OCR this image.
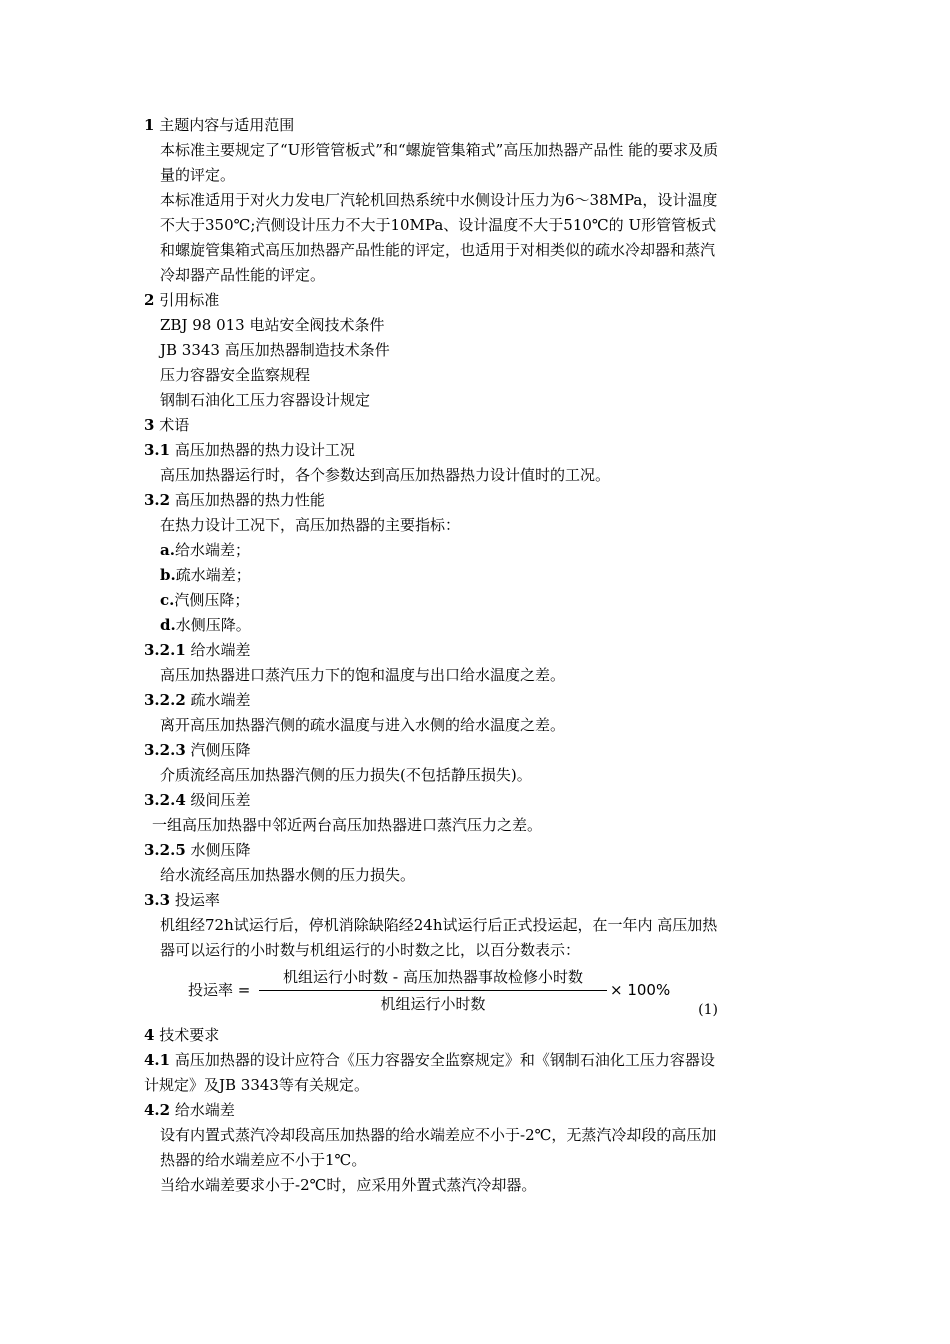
1 主题内容与适用范围
本标准主要规定了“U形管管板式”和“螺旋管集箱式”高压加热器产品性 能的要求及质量的评定。
本标准适用于对火力发电厂汽轮机回热系统中水侧设计压力为6～38MPa，设计温度不大于350℃;汽侧设计压力不大于10MPa、设计温度不大于510℃的 U形管管板式和螺旋管集箱式高压加热器产品性能的评定，也适用于对相类似的疏水冷却器和蒸汽冷却器产品性能的评定。
2 引用标准
ZBJ 98 013 电站安全阀技术条件
JB 3343 高压加热器制造技术条件
压力容器安全监察规程
钢制石油化工压力容器设计规定
3 术语
3.1 高压加热器的热力设计工况
高压加热器运行时，各个参数达到高压加热器热力设计值时的工况。
3.2 高压加热器的热力性能
在热力设计工况下，高压加热器的主要指标：
a.给水端差；
b.疏水端差；
c.汽侧压降；
d.水侧压降。
3.2.1 给水端差
高压加热器进口蒸汽压力下的饱和温度与出口给水温度之差。
3.2.2 疏水端差
离开高压加热器汽侧的疏水温度与进入水侧的给水温度之差。
3.2.3 汽侧压降
介质流经高压加热器汽侧的压力损失(不包括静压损失)。
3.2.4 级间压差
一组高压加热器中邻近两台高压加热器进口蒸汽压力之差。
3.2.5 水侧压降
给水流经高压加热器水侧的压力损失。
3.3 投运率
机组经72h试运行后，停机消除缺陷经24h试运行后正式投运起，在一年内 高压加热器可以运行的小时数与机组运行的小时数之比，以百分数表示：
投运率 =
机组运行小时数 - 高压加热器事故检修小时数
机组运行小时数
× 100%
(1)
4 技术要求
4.1 高压加热器的设计应符合《压力容器安全监察规定》和《钢制石油化工压力容器设计规定》及JB 3343等有关规定。
4.2 给水端差
设有内置式蒸汽冷却段高压加热器的给水端差应不小于-2℃，无蒸汽冷却段的高压加热器的给水端差应不小于1℃。
当给水端差要求小于-2℃时，应采用外置式蒸汽冷却器。
